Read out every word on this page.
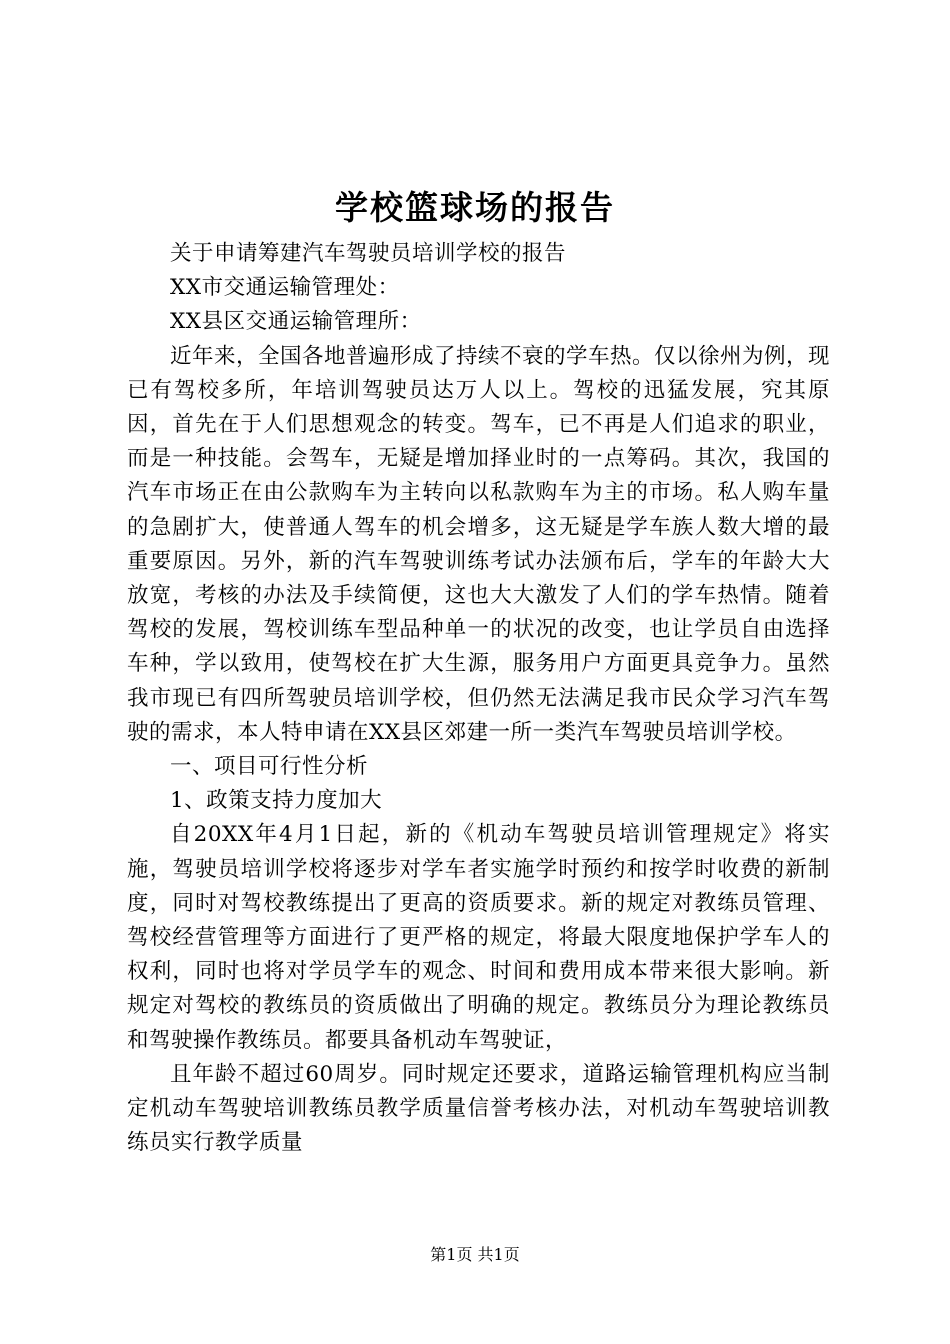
学校篮球场的报告

关于申请筹建汽车驾驶员培训学校的报告

XX市交通运输管理处：

XX县区交通运输管理所：

近年来，全国各地普遍形成了持续不衰的学车热。仅以徐州为例，现已有驾校多所，年培训驾驶员达万人以上。驾校的迅猛发展，究其原因，首先在于人们思想观念的转变。驾车，已不再是人们追求的职业，而是一种技能。会驾车，无疑是增加择业时的一点筹码。其次，我国的汽车市场正在由公款购车为主转向以私款购车为主的市场。私人购车量的急剧扩大，使普通人驾车的机会增多，这无疑是学车族人数大增的最重要原因。另外，新的汽车驾驶训练考试办法颁布后，学车的年龄大大放宽，考核的办法及手续简便，这也大大激发了人们的学车热情。随着驾校的发展，驾校训练车型品种单一的状况的改变，也让学员自由选择车种，学以致用，使驾校在扩大生源，服务用户方面更具竞争力。虽然我市现已有四所驾驶员培训学校，但仍然无法满足我市民众学习汽车驾驶的需求，本人特申请在XX县区郊建一所一类汽车驾驶员培训学校。

一、项目可行性分析

1、政策支持力度加大

自20XX年4月1日起，新的《机动车驾驶员培训管理规定》将实施，驾驶员培训学校将逐步对学车者实施学时预约和按学时收费的新制度，同时对驾校教练提出了更高的资质要求。新的规定对教练员管理、驾校经营管理等方面进行了更严格的规定，将最大限度地保护学车人的权利，同时也将对学员学车的观念、时间和费用成本带来很大影响。新规定对驾校的教练员的资质做出了明确的规定。教练员分为理论教练员和驾驶操作教练员。都要具备机动车驾驶证，

且年龄不超过60周岁。同时规定还要求，道路运输管理机构应当制定机动车驾驶培训教练员教学质量信誉考核办法，对机动车驾驶培训教练员实行教学质量

第1页 共1页
